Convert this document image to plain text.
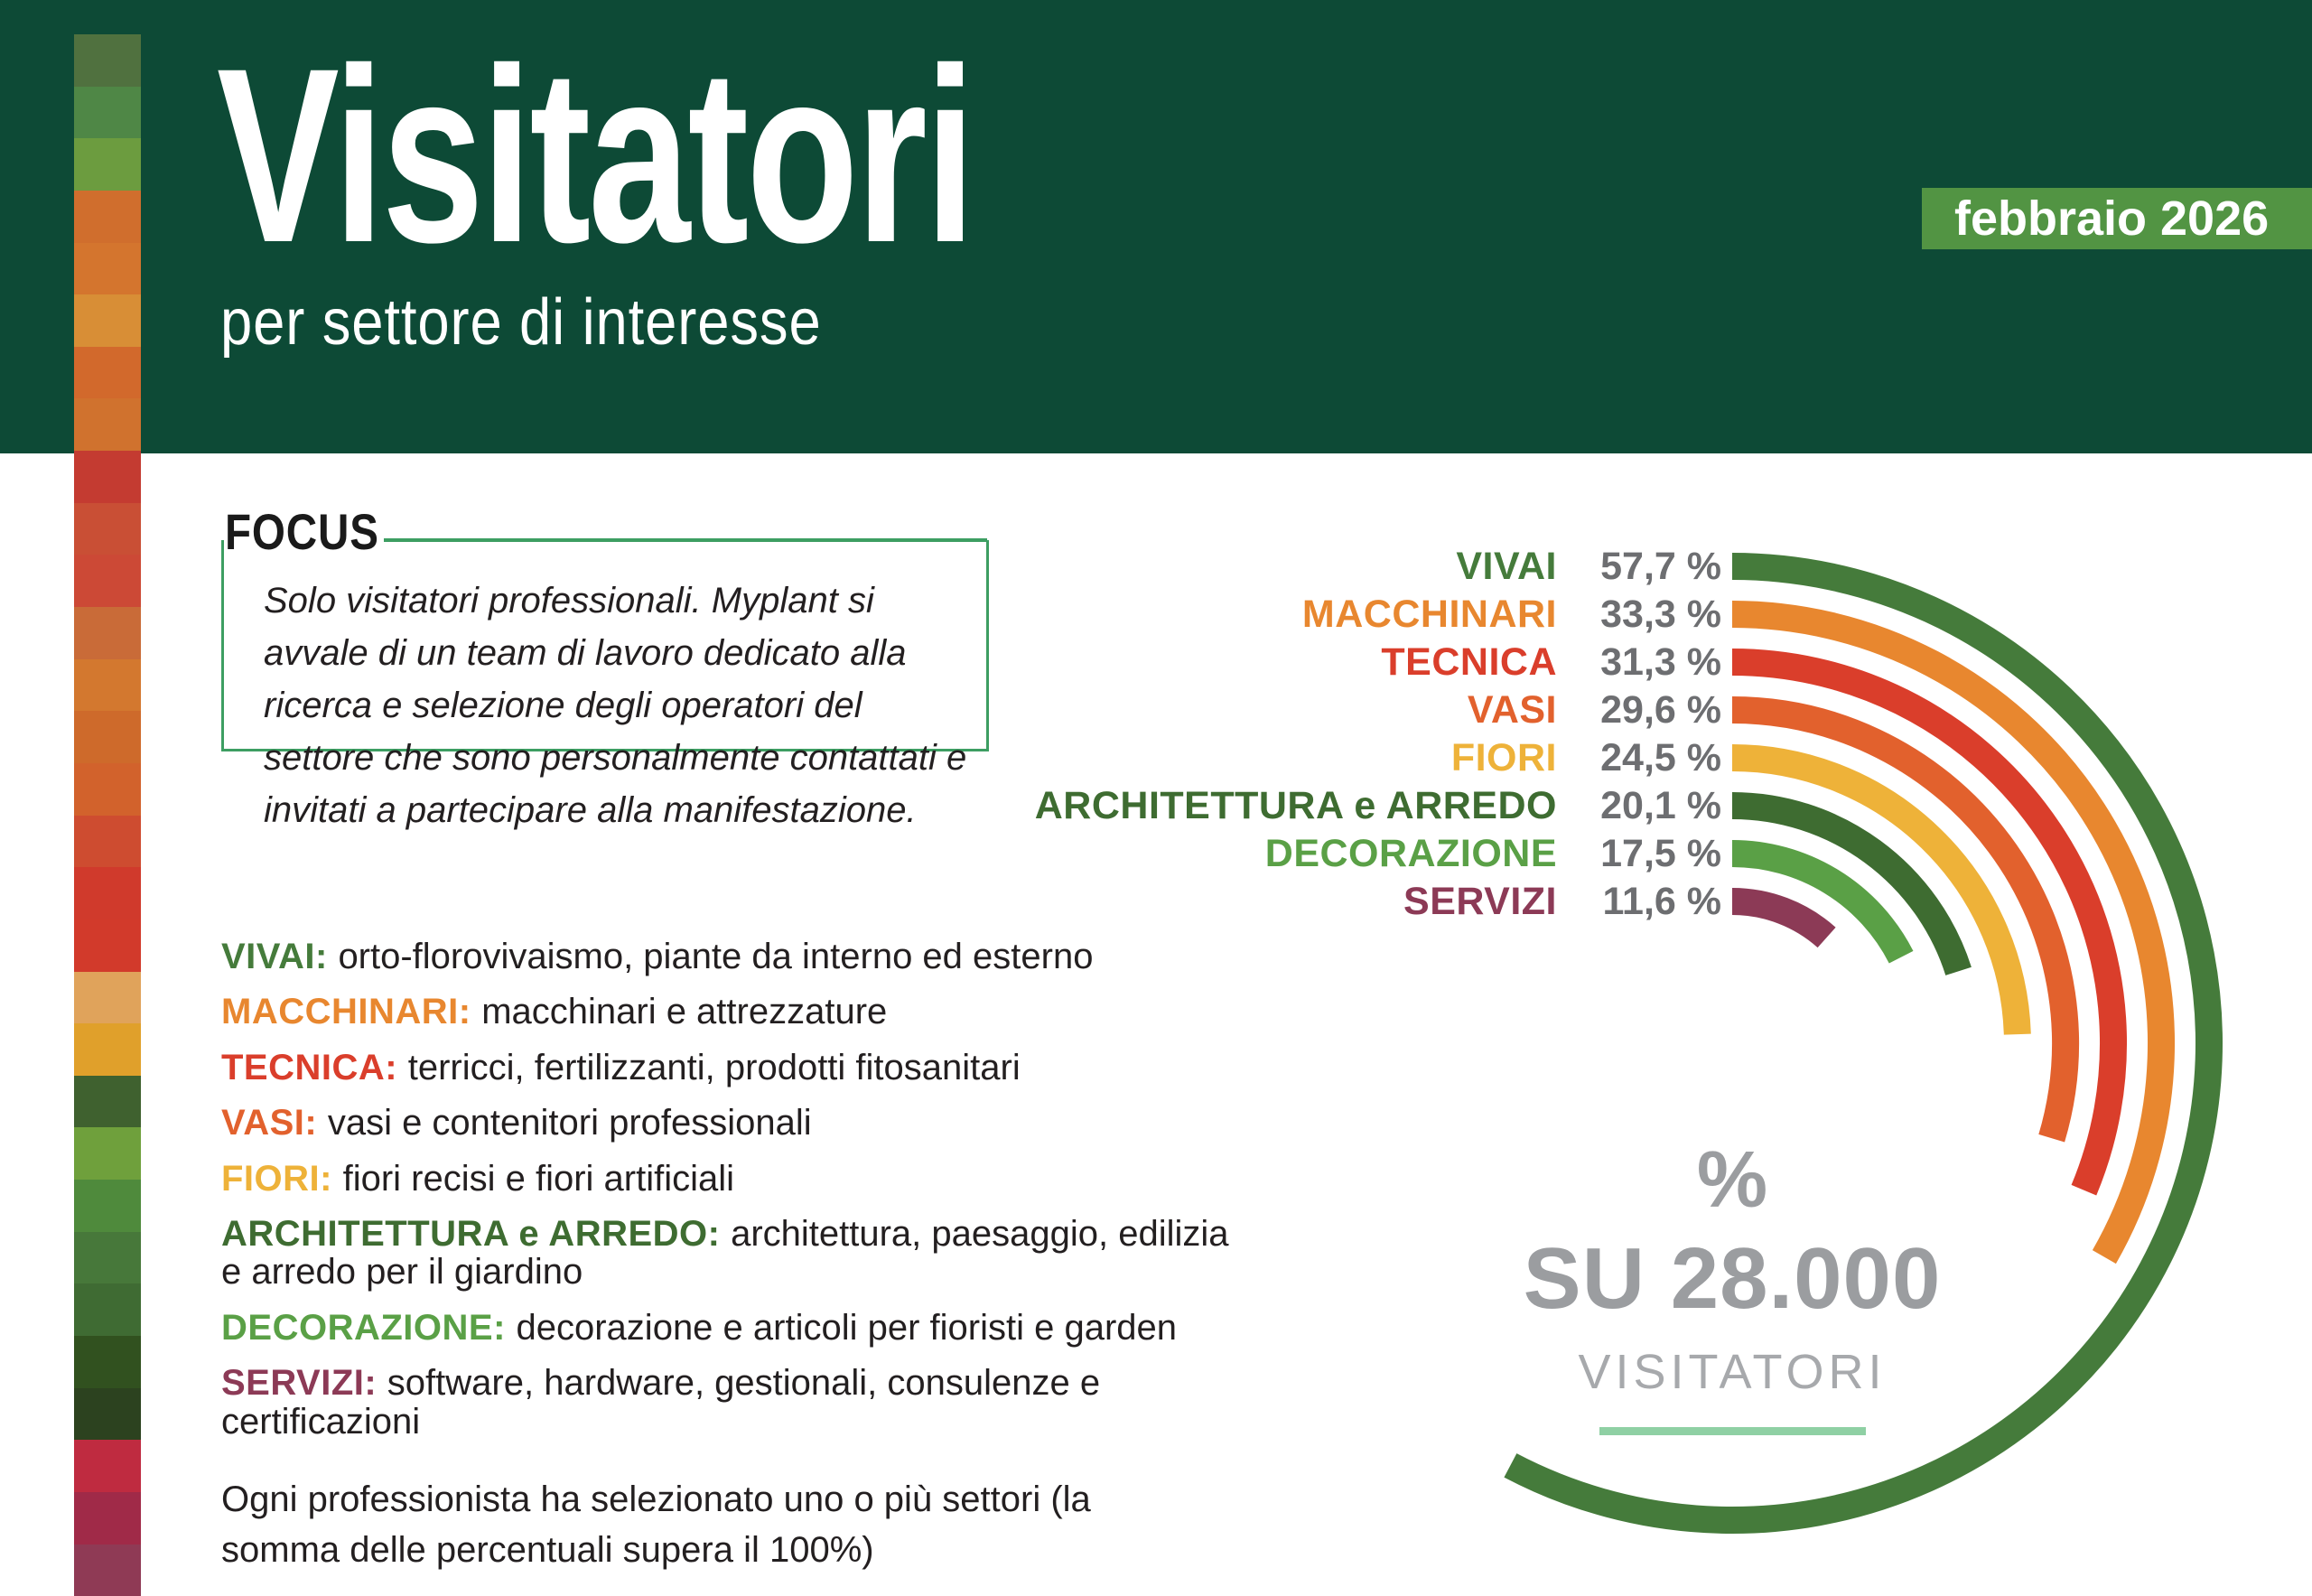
Visitatori
per settore di interesse
febbraio 2026
FOCUS

Solo visitatori professionali. Myplant si avvale di un team di lavoro dedicato alla ricerca e selezione degli operatori del settore che sono personalmente contattati e invitati a partecipare alla manifestazione.

VIVAI: orto-florovivaismo, piante da interno ed esterno

MACCHINARI: macchinari e attrezzature

TECNICA: terricci, fertilizzanti, prodotti fitosanitari

VASI: vasi e contenitori professionali

FIORI: fiori recisi e fiori artificiali

ARCHITETTURA e ARREDO: architettura, paesaggio, edilizia e arredo per il giardino

DECORAZIONE: decorazione e articoli per fioristi e garden

SERVIZI: software, hardware, gestionali, consulenze e certificazioni

Ogni professionista ha selezionato uno o più settori (la somma delle percentuali supera il 100%)

VIVAI	57,7 %
MACCHINARI	33,3 %
TECNICA	31,3 %
VASI	29,6 %
FIORI	24,5 %
ARCHITETTURA e ARREDO	20,1 %
DECORAZIONE	17,5 %
SERVIZI	11,6 %
%
SU 28.000
VISITATORI
